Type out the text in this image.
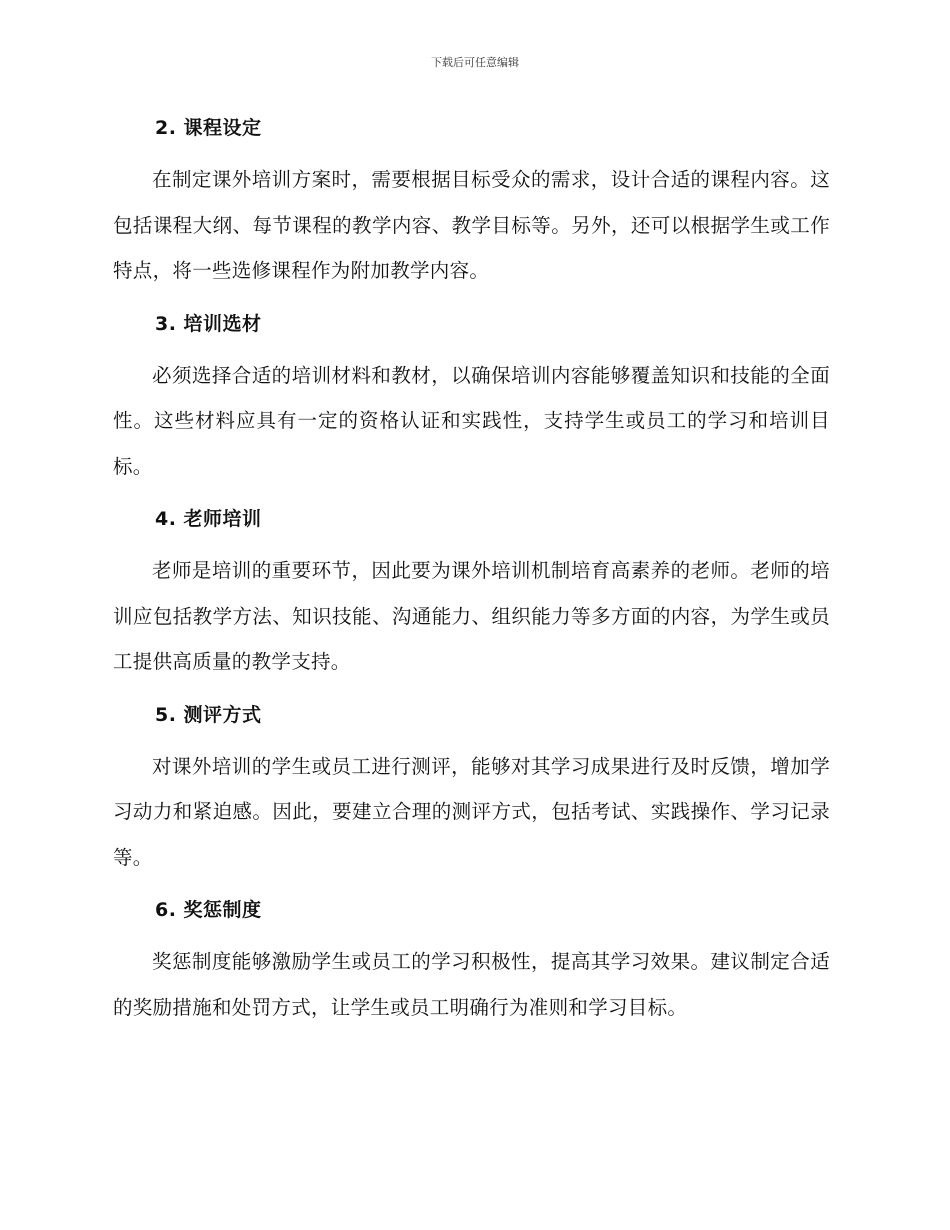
下载后可任意编辑
2. 课程设定

在制定课外培训方案时，需要根据目标受众的需求，设计合适的课程内容。这包括课程大纲、每节课程的教学内容、教学目标等。另外，还可以根据学生或工作特点，将一些选修课程作为附加教学内容。

3. 培训选材

必须选择合适的培训材料和教材，以确保培训内容能够覆盖知识和技能的全面性。这些材料应具有一定的资格认证和实践性，支持学生或员工的学习和培训目标。

4. 老师培训

老师是培训的重要环节，因此要为课外培训机制培育高素养的老师。老师的培训应包括教学方法、知识技能、沟通能力、组织能力等多方面的内容，为学生或员工提供高质量的教学支持。

5. 测评方式

对课外培训的学生或员工进行测评，能够对其学习成果进行及时反馈，增加学习动力和紧迫感。因此，要建立合理的测评方式，包括考试、实践操作、学习记录等。

6. 奖惩制度

奖惩制度能够激励学生或员工的学习积极性，提高其学习效果。建议制定合适的奖励措施和处罚方式，让学生或员工明确行为准则和学习目标。
